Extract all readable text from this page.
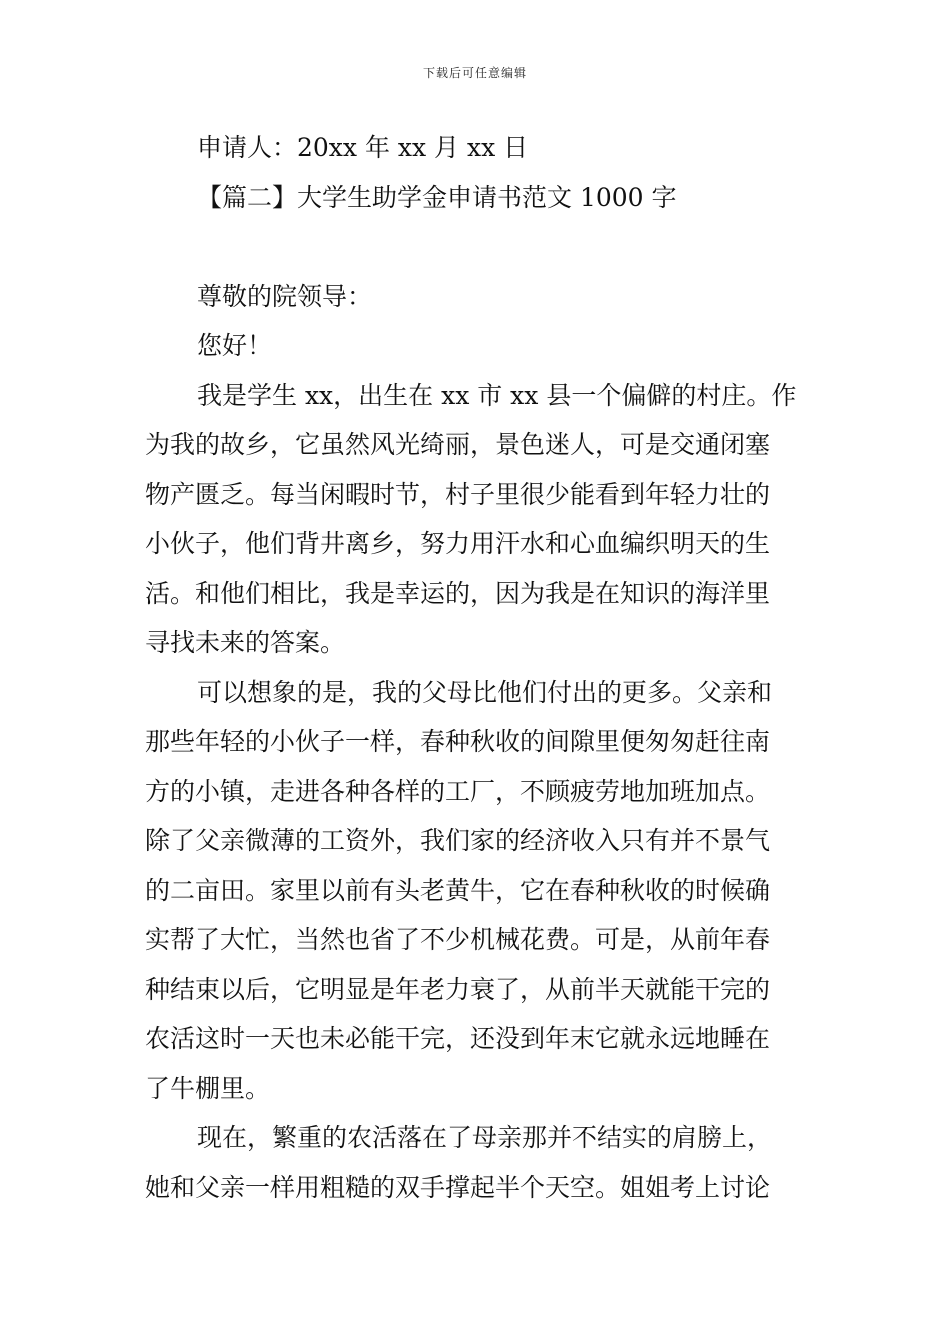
下载后可任意编辑
申请人：20xx 年 xx 月 xx 日
【篇二】大学生助学金申请书范文 1000 字
尊敬的院领导：
您好！
我是学生 xx，出生在 xx 市 xx 县一个偏僻的村庄。作
为我的故乡，它虽然风光绮丽，景色迷人，可是交通闭塞
物产匮乏。每当闲暇时节，村子里很少能看到年轻力壮的
小伙子，他们背井离乡，努力用汗水和心血编织明天的生
活。和他们相比，我是幸运的，因为我是在知识的海洋里
寻找未来的答案。
可以想象的是，我的父母比他们付出的更多。父亲和
那些年轻的小伙子一样，春种秋收的间隙里便匆匆赶往南
方的小镇，走进各种各样的工厂，不顾疲劳地加班加点。
除了父亲微薄的工资外，我们家的经济收入只有并不景气
的二亩田。家里以前有头老黄牛，它在春种秋收的时候确
实帮了大忙，当然也省了不少机械花费。可是，从前年春
种结束以后，它明显是年老力衰了，从前半天就能干完的
农活这时一天也未必能干完，还没到年末它就永远地睡在
了牛棚里。
现在，繁重的农活落在了母亲那并不结实的肩膀上，
她和父亲一样用粗糙的双手撑起半个天空。姐姐考上讨论
